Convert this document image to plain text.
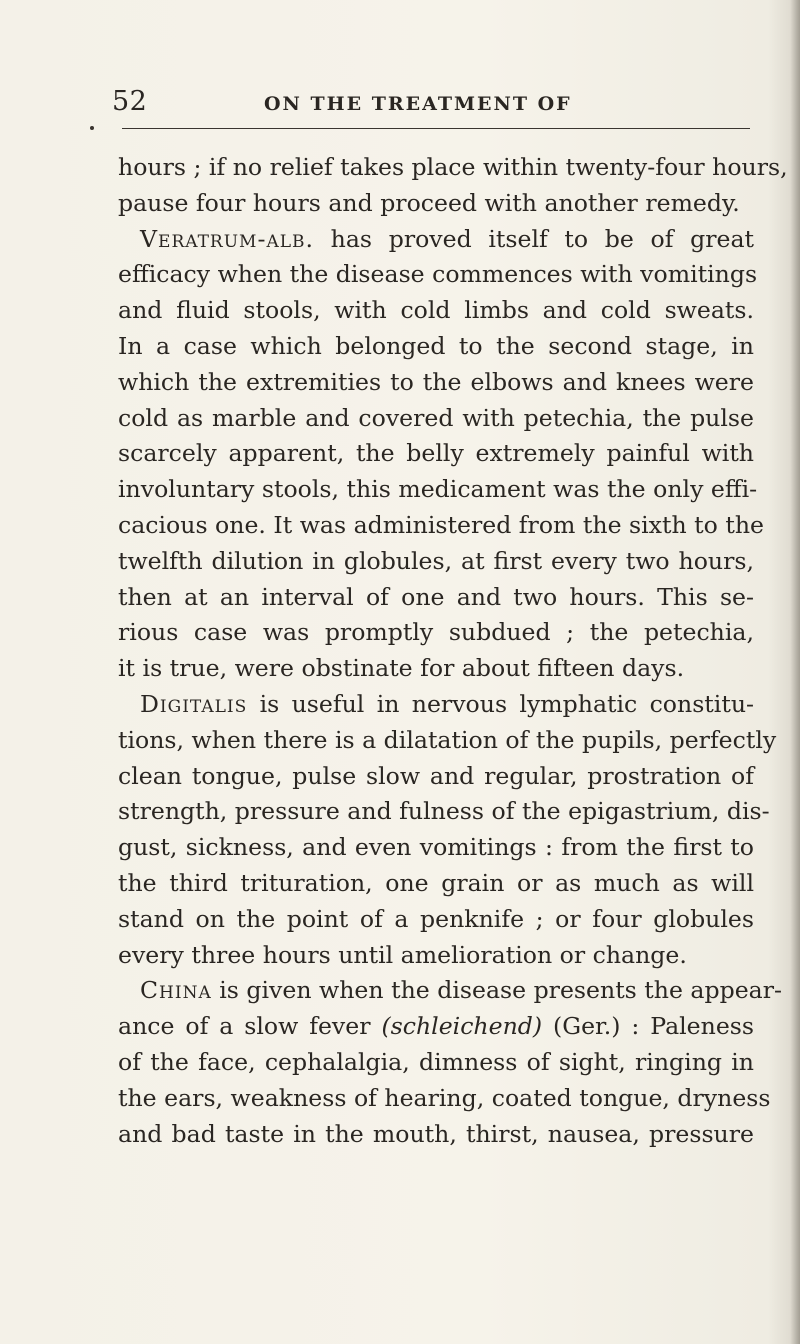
52	ON THE TREATMENT OF
hours ; if no relief takes place within twenty-four hours,
pause four hours and proceed with another remedy.
Veratrum-alb. has proved itself to be of great
efficacy when the disease commences with vomitings
and fluid stools, with cold limbs and cold sweats.
In a case which belonged to the second stage, in
which the extremities to the elbows and knees were
cold as marble and covered with petechia, the pulse
scarcely apparent, the belly extremely painful with
involuntary stools, this medicament was the only effi-
cacious one. It was administered from the sixth to the
twelfth dilution in globules, at first every two hours,
then at an interval of one and two hours. This se-
rious case was promptly subdued ; the petechia,
it is true, were obstinate for about fifteen days.
Digitalis is useful in nervous lymphatic constitu-
tions, when there is a dilatation of the pupils, perfectly
clean tongue, pulse slow and regular, prostration of
strength, pressure and fulness of the epigastrium, dis-
gust, sickness, and even vomitings : from the first to
the third trituration, one grain or as much as will
stand on the point of a penknife ; or four globules
every three hours until amelioration or change.
China is given when the disease presents the appear-
ance of a slow fever (schleichend) (Ger.) : Paleness
of the face, cephalalgia, dimness of sight, ringing in
the ears, weakness of hearing, coated tongue, dryness
and bad taste in the mouth, thirst, nausea, pressure
